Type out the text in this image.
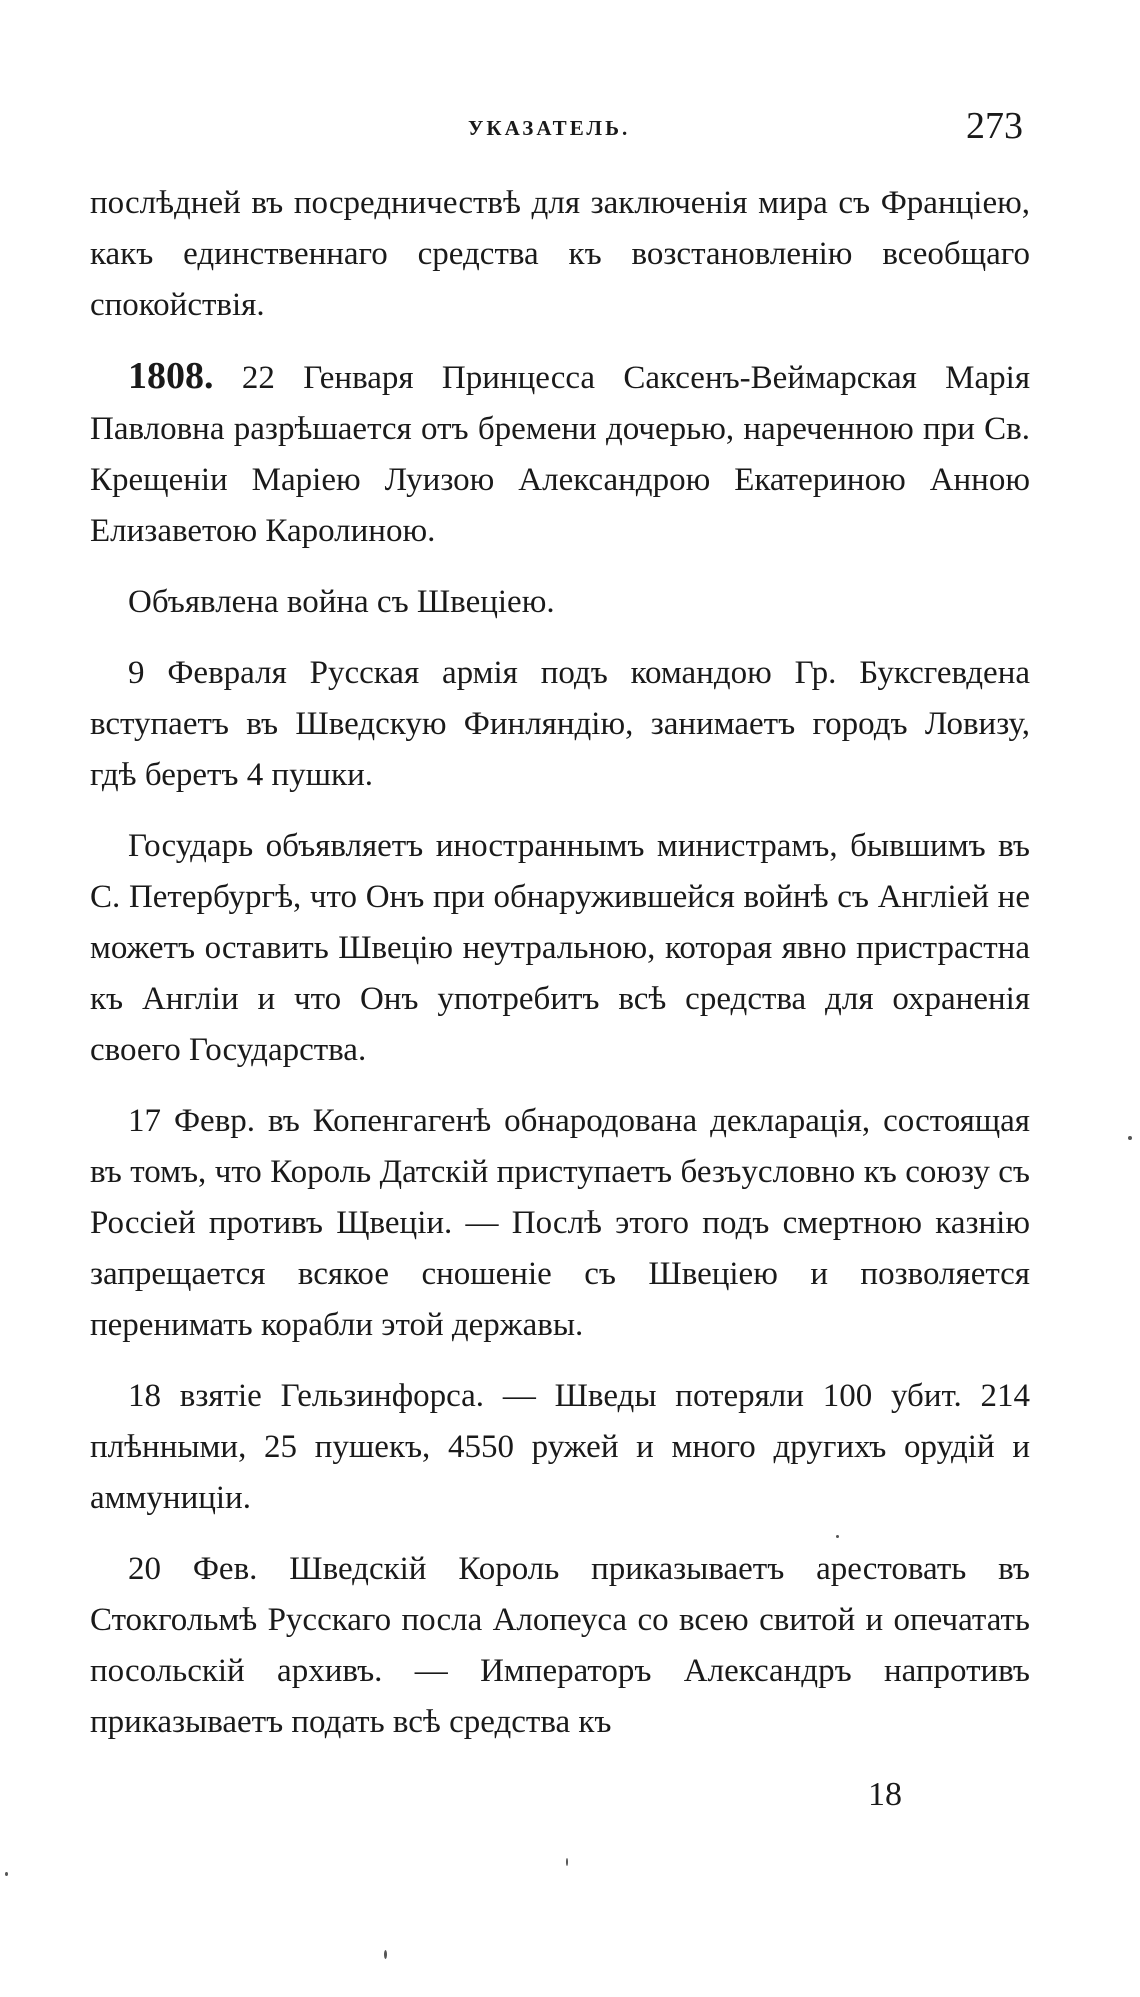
УКАЗАТЕЛЬ.	273

послѣдней въ посредничествѣ для заключенія мира съ Франціею, какъ единственнаго средства къ возстановленію всеобщаго спокойствія.

1808. 22 Генваря Принцесса Саксенъ-Веймарская Марія Павловна разрѣшается отъ бремени дочерью, нареченною при Св. Крещеніи Маріею Луизою Александрою Екатериною Анною Елизаветою Каролиною.

Объявлена война съ Швеціею.

9 Февраля Русская армія подъ командою Гр. Буксгевдена вступаетъ въ Шведскую Финляндію, занимаетъ городъ Ловизу, гдѣ беретъ 4 пушки.

Государь объявляетъ иностраннымъ министрамъ, бывшимъ въ С. Петербургѣ, что Онъ при обнаружившейся войнѣ съ Англіей не можетъ оставить Швецію неутральною, которая явно пристрастна къ Англіи и что Онъ употребитъ всѣ средства для охраненія своего Государства.

17 Февр. въ Копенгагенѣ обнародована декларація, состоящая въ томъ, что Король Датскій приступаетъ безъусловно къ союзу съ Россіей противъ Щвеціи. — Послѣ этого подъ смертною казнію запрещается всякое сношеніе съ Швеціею и позволяется перенимать корабли этой державы.

18 взятіе Гельзинфорса. — Шведы потеряли 100 убит. 214 плѣнными, 25 пушекъ, 4550 ружей и много другихъ орудій и аммуниціи.

20 Фев. Шведскій Король приказываетъ арестовать въ Стокгольмѣ Русскаго посла Алопеуса со всею свитой и опечатать посольскій архивъ. — Императоръ Александръ напротивъ приказываетъ подать всѣ средства къ

18
